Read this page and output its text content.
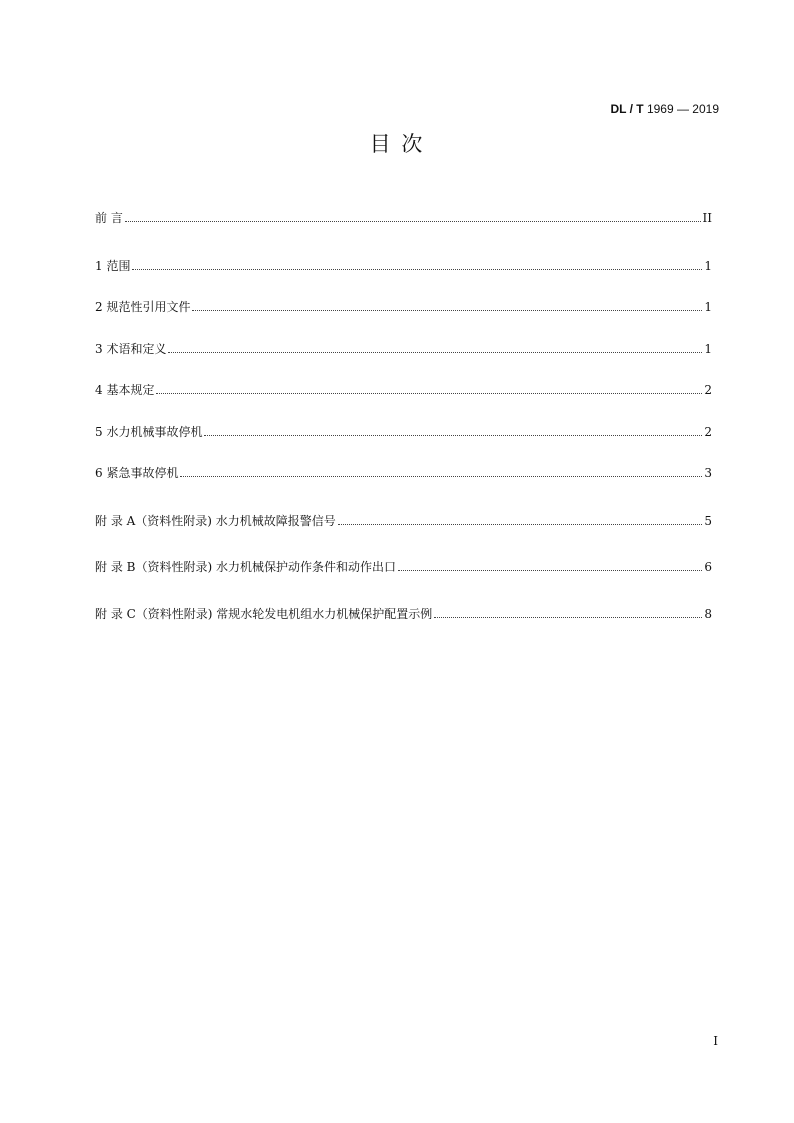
DL / T 1969 — 2019
目 次
前 言	II
1 范围	1
2 规范性引用文件	1
3 术语和定义	1
4 基本规定	2
5 水力机械事故停机	2
6 紧急事故停机	3
附 录 A（资料性附录) 水力机械故障报警信号	5
附 录 B（资料性附录) 水力机械保护动作条件和动作出口	6
附 录 C（资料性附录) 常规水轮发电机组水力机械保护配置示例	8
I
